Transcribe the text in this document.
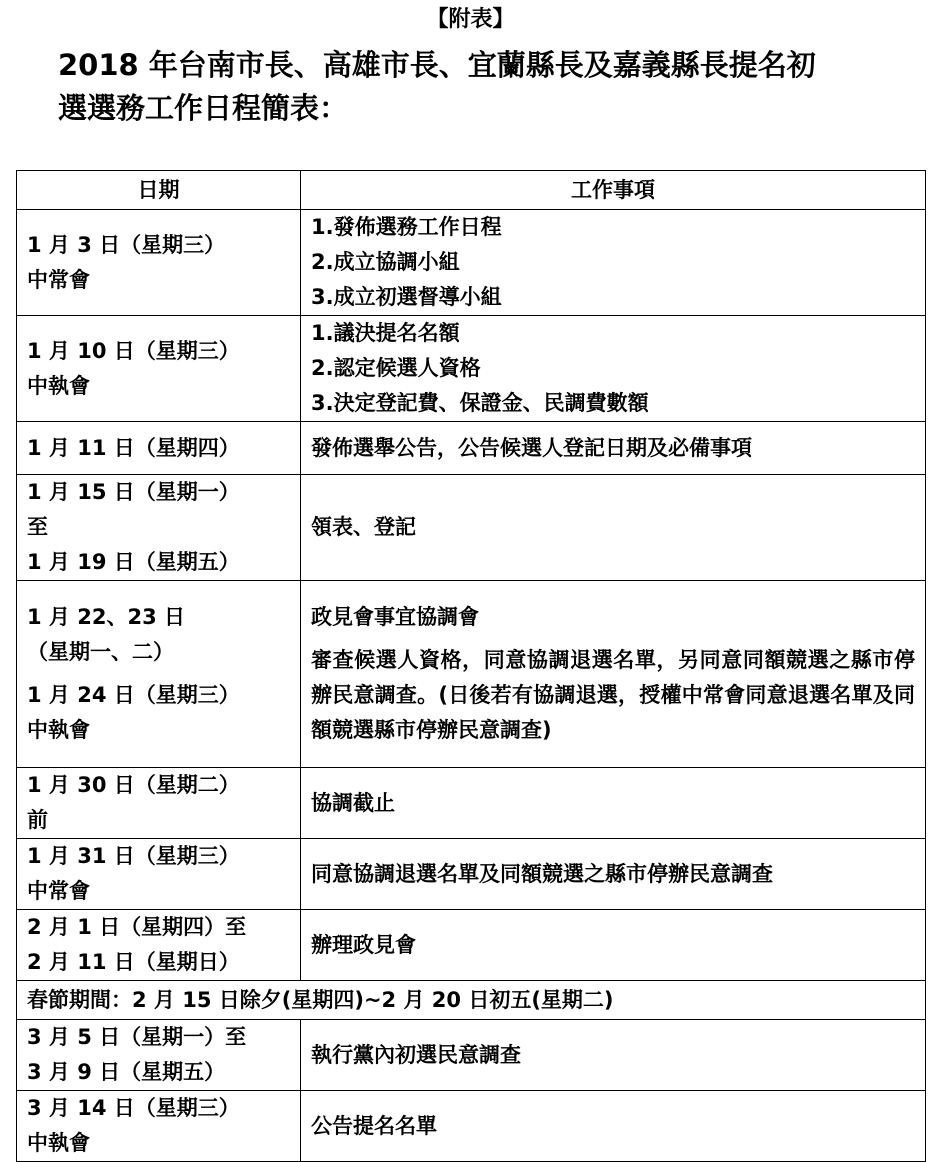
【附表】
2018 年台南市長、高雄市長、宜蘭縣長及嘉義縣長提名初
選選務工作日程簡表：
日期	工作事項

1 月 3 日（星期三）
中常會	1.發佈選務工作日程
2.成立協調小組
3.成立初選督導小組

1 月 10 日（星期三）
中執會	1.議決提名名額
2.認定候選人資格
3.決定登記費、保證金、民調費數額

1 月 11 日（星期四）	發佈選舉公告，公告候選人登記日期及必備事項

1 月 15 日（星期一）
至
1 月 19 日（星期五）	領表、登記

1 月 22、23 日
（星期一、二）
1 月 24 日（星期三）
中執會	政見會事宜協調會
審查候選人資格，同意協調退選名單，另同意同額競選之縣市停辦民意調查。(日後若有協調退選，授權中常會同意退選名單及同額競選縣市停辦民意調查)

1 月 30 日（星期二）
前	協調截止

1 月 31 日（星期三）
中常會	同意協調退選名單及同額競選之縣市停辦民意調查

2 月 1 日（星期四）至
2 月 11 日（星期日）	辦理政見會

春節期間：2 月 15 日除夕(星期四)~2 月 20 日初五(星期二)	

3 月 5 日（星期一）至
3 月 9 日（星期五）	執行黨內初選民意調查

3 月 14 日（星期三）
中執會	公告提名名單
